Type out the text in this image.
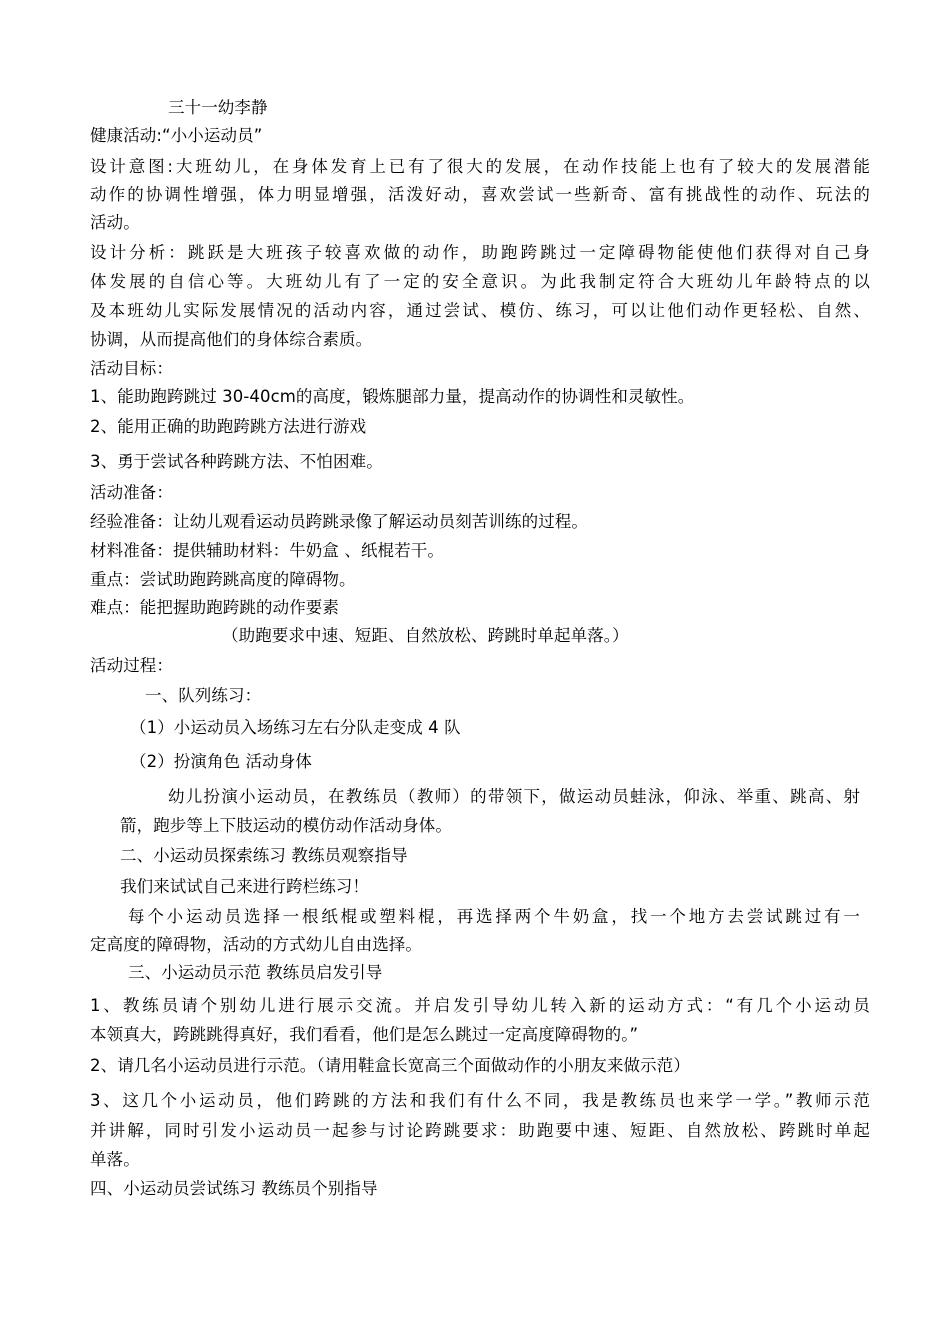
三十一幼李静
健康活动:“小小运动员”
设计意图:大班幼儿，在身体发育上已有了很大的发展，在动作技能上也有了较大的发展潜能
动作的协调性增强，体力明显增强，活泼好动，喜欢尝试一些新奇、富有挑战性的动作、玩法的
活动。
设计分析：跳跃是大班孩子较喜欢做的动作，助跑跨跳过一定障碍物能使他们获得对自己身
体发展的自信心等。大班幼儿有了一定的安全意识。为此我制定符合大班幼儿年龄特点的以
及本班幼儿实际发展情况的活动内容，通过尝试、模仿、练习，可以让他们动作更轻松、自然、
协调，从而提高他们的身体综合素质。
活动目标：
1、能助跑跨跳过 30-40cm的高度，锻炼腿部力量，提高动作的协调性和灵敏性。
2、能用正确的助跑跨跳方法进行游戏
3、勇于尝试各种跨跳方法、不怕困难。
活动准备：
经验准备：让幼儿观看运动员跨跳录像了解运动员刻苦训练的过程。
材料准备：提供辅助材料：牛奶盒 、纸棍若干。
重点：尝试助跑跨跳高度的障碍物。
难点：能把握助跑跨跳的动作要素
（助跑要求中速、短距、自然放松、跨跳时单起单落。）
活动过程：
一、队列练习：
（1）小运动员入场练习左右分队走变成 4 队
（2）扮演角色 活动身体
幼儿扮演小运动员，在教练员（教师）的带领下，做运动员蛙泳，仰泳、举重、跳高、射
箭，跑步等上下肢运动的模仿动作活动身体。
二、小运动员探索练习 教练员观察指导
我们来试试自己来进行跨栏练习！
每个小运动员选择一根纸棍或塑料棍，再选择两个牛奶盒，找一个地方去尝试跳过有一
定高度的障碍物，活动的方式幼儿自由选择。
三、小运动员示范 教练员启发引导
1、教练员请个别幼儿进行展示交流。并启发引导幼儿转入新的运动方式：“有几个小运动员
本领真大，跨跳跳得真好，我们看看，他们是怎么跳过一定高度障碍物的。”
2、请几名小运动员进行示范。（请用鞋盒长宽高三个面做动作的小朋友来做示范）
3、这几个小运动员，他们跨跳的方法和我们有什么不同，我是教练员也来学一学。”教师示范
并讲解，同时引发小运动员一起参与讨论跨跳要求：助跑要中速、短距、自然放松、跨跳时单起
单落。
四、小运动员尝试练习 教练员个别指导
